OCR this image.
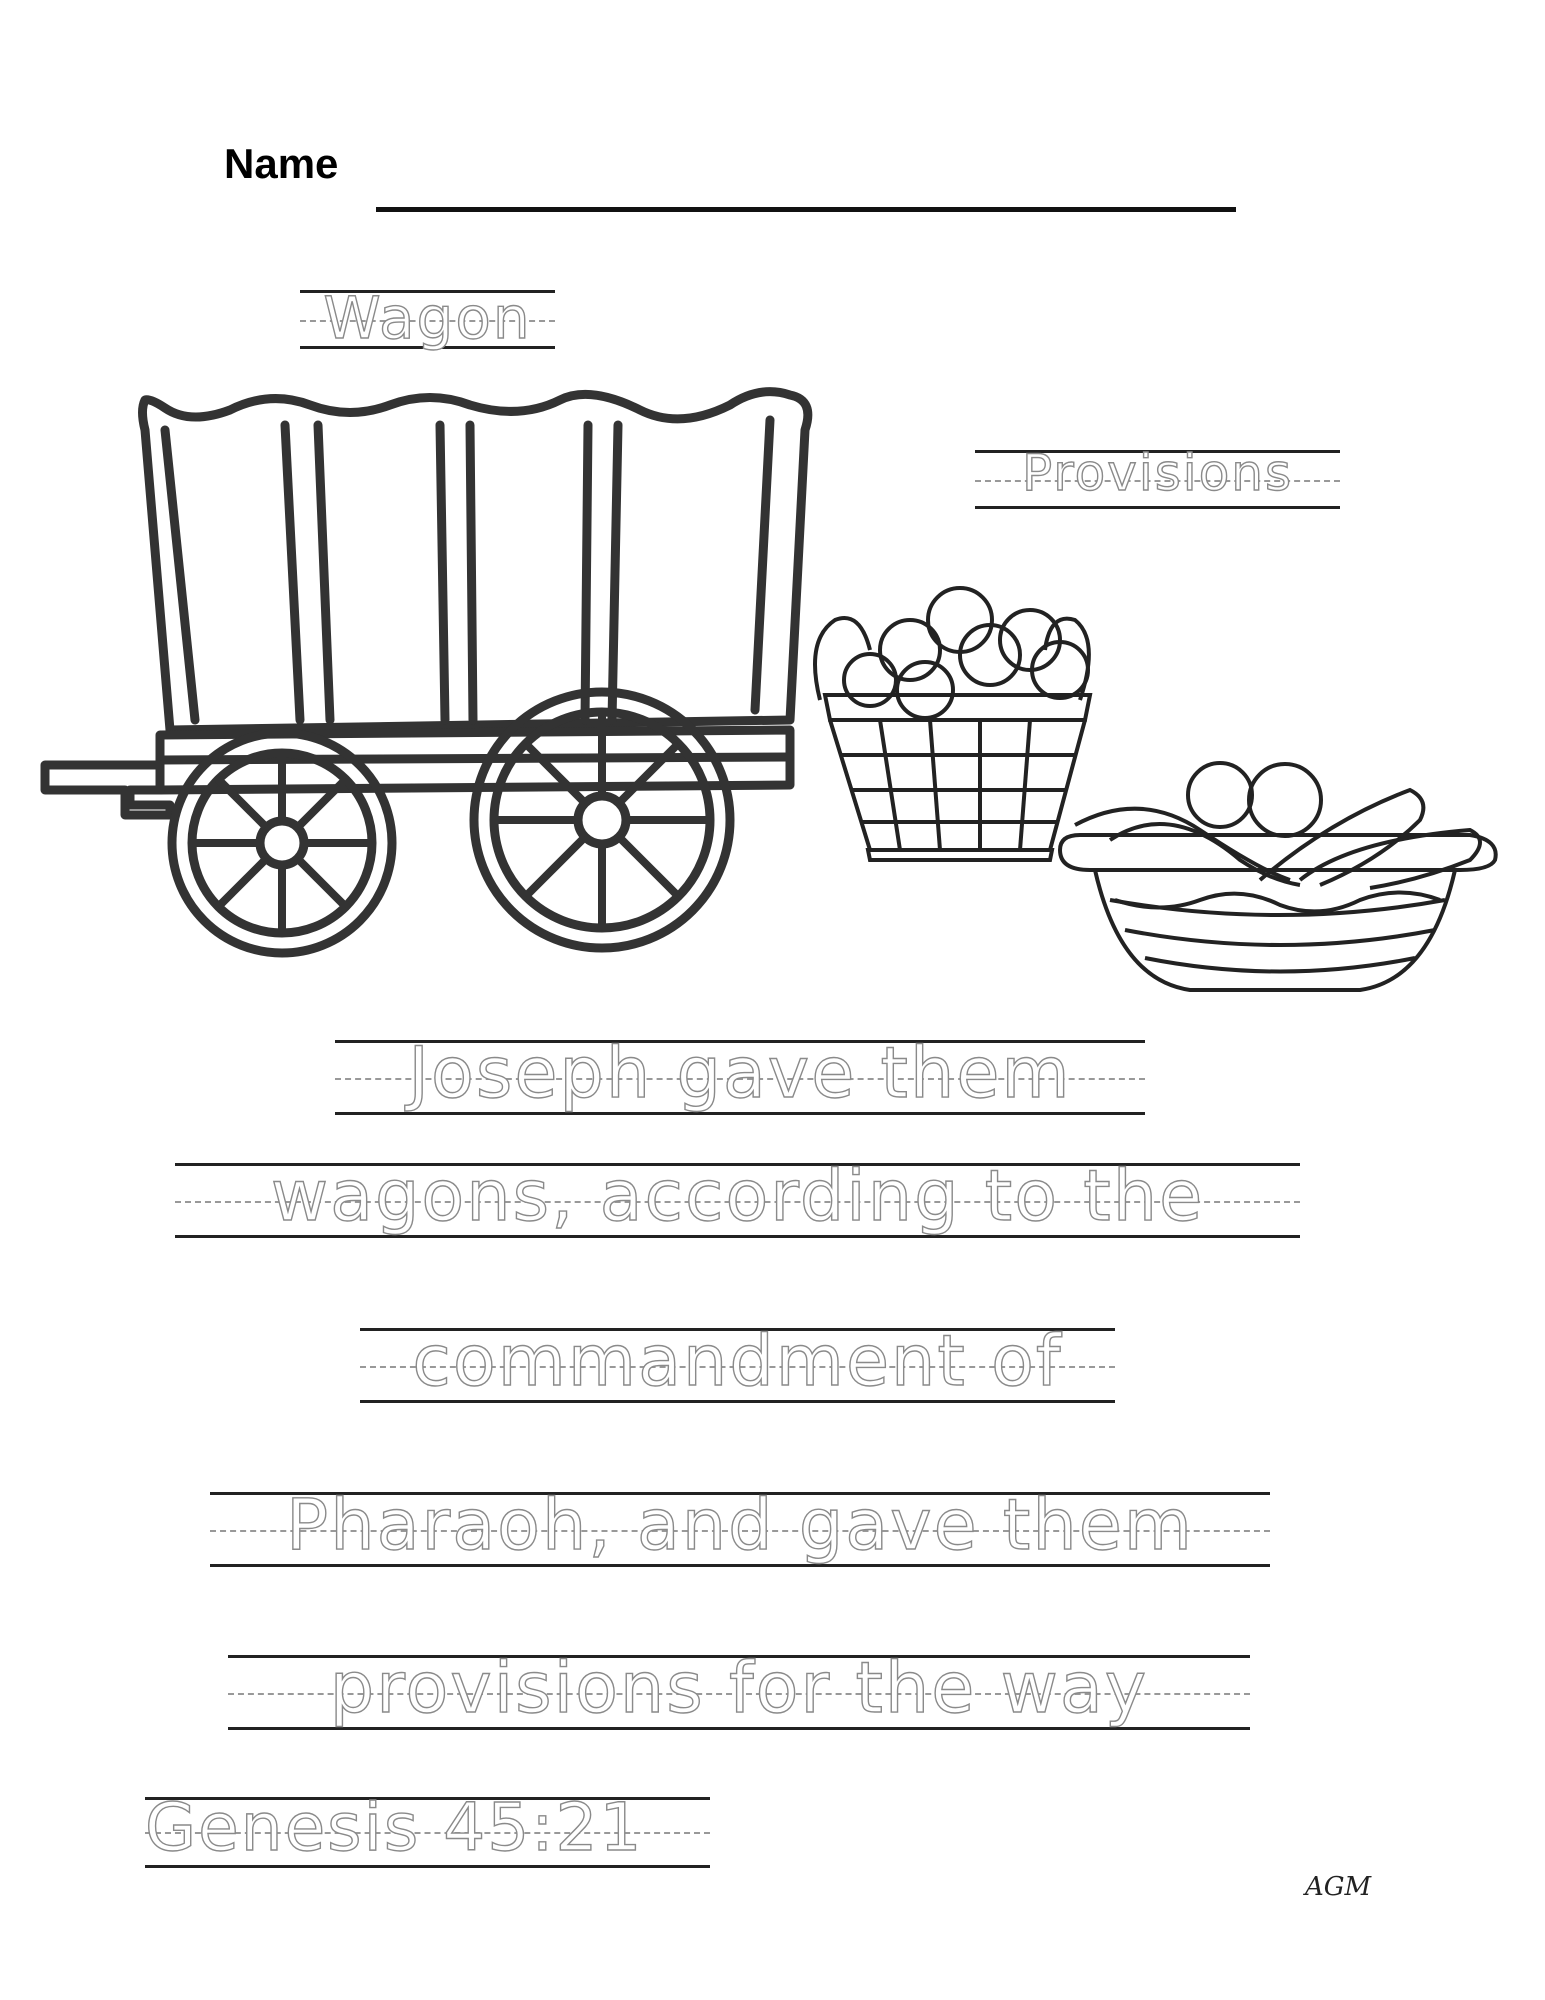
Name
Wagon
Provisions
Joseph gave them
wagons, according to the
commandment of
Pharaoh, and gave them
provisions for the way
Genesis 45:21
AGM
